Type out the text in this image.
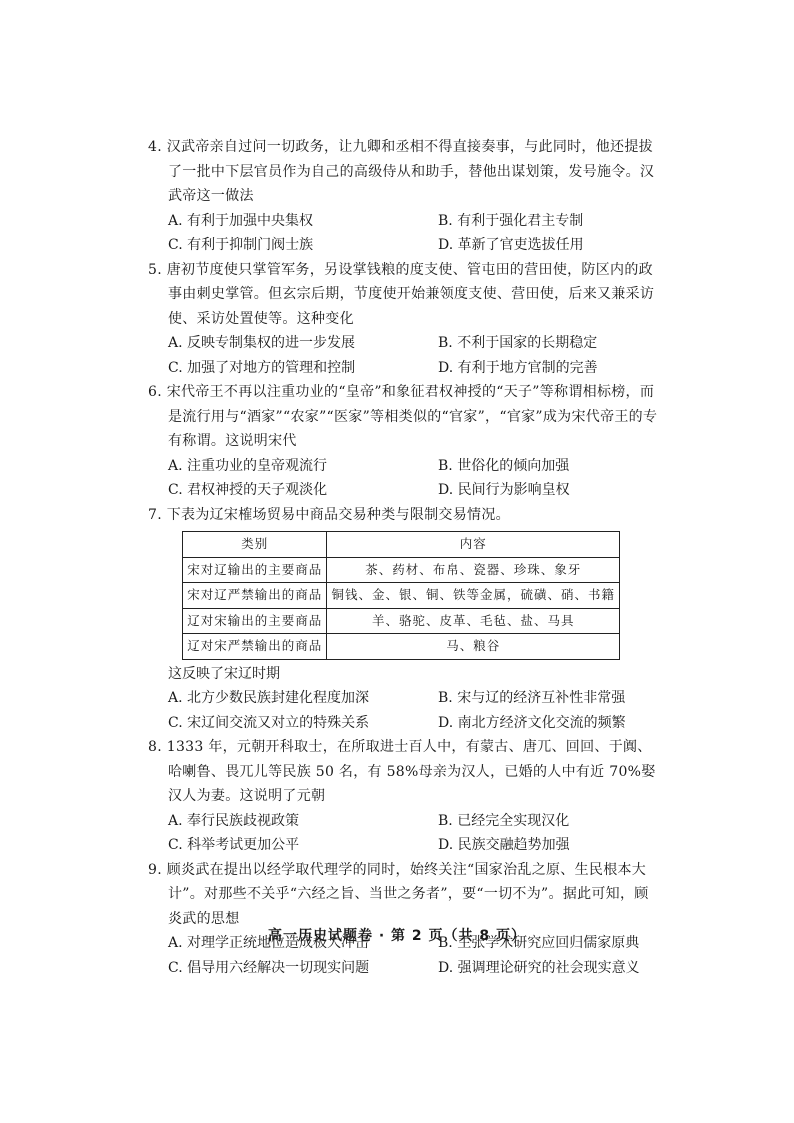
4. 汉武帝亲自过问一切政务，让九卿和丞相不得直接奏事，与此同时，他还提拔了一批中下层官员作为自己的高级侍从和助手，替他出谋划策，发号施令。汉武帝这一做法

A. 有利于加强中央集权	B. 有利于强化君主专制
C. 有利于抑制门阀士族	D. 革新了官吏选拔任用

5. 唐初节度使只掌管军务，另设掌钱粮的度支使、管屯田的营田使，防区内的政事由刺史掌管。但玄宗后期，节度使开始兼领度支使、营田使，后来又兼采访使、采访处置使等。这种变化

A. 反映专制集权的进一步发展	B. 不利于国家的长期稳定
C. 加强了对地方的管理和控制	D. 有利于地方官制的完善

6. 宋代帝王不再以注重功业的“皇帝”和象征君权神授的“天子”等称谓相标榜，而是流行用与“酒家”“农家”“医家”等相类似的“官家”，“官家”成为宋代帝王的专有称谓。这说明宋代

A. 注重功业的皇帝观流行	B. 世俗化的倾向加强
C. 君权神授的天子观淡化	D. 民间行为影响皇权

7. 下表为辽宋榷场贸易中商品交易种类与限制交易情况。

类别	内容
宋对辽输出的主要商品	茶、药材、布帛、瓷器、珍珠、象牙
宋对辽严禁输出的商品	铜钱、金、银、铜、铁等金属，硫磺、硝、书籍
辽对宋输出的主要商品	羊、骆驼、皮革、毛毡、盐、马具
辽对宋严禁输出的商品	马、粮谷

这反映了宋辽时期

A. 北方少数民族封建化程度加深	B. 宋与辽的经济互补性非常强
C. 宋辽间交流又对立的特殊关系	D. 南北方经济文化交流的频繁

8. 1333 年，元朝开科取士，在所取进士百人中，有蒙古、唐兀、回回、于阗、哈喇鲁、畏兀儿等民族 50 名，有 58%母亲为汉人，已婚的人中有近 70%娶汉人为妻。这说明了元朝

A. 奉行民族歧视政策	B. 已经完全实现汉化
C. 科举考试更加公平	D. 民族交融趋势加强

9. 顾炎武在提出以经学取代理学的同时，始终关注“国家治乱之原、生民根本大计”。对那些不关乎“六经之旨、当世之务者”，要“一切不为”。据此可知，顾炎武的思想

A. 对理学正统地位造成极大冲击	B. 主张学术研究应回归儒家原典
C. 倡导用六经解决一切现实问题	D. 强调理论研究的社会现实意义
高一历史试题卷 · 第 2 页（共 8 页）
